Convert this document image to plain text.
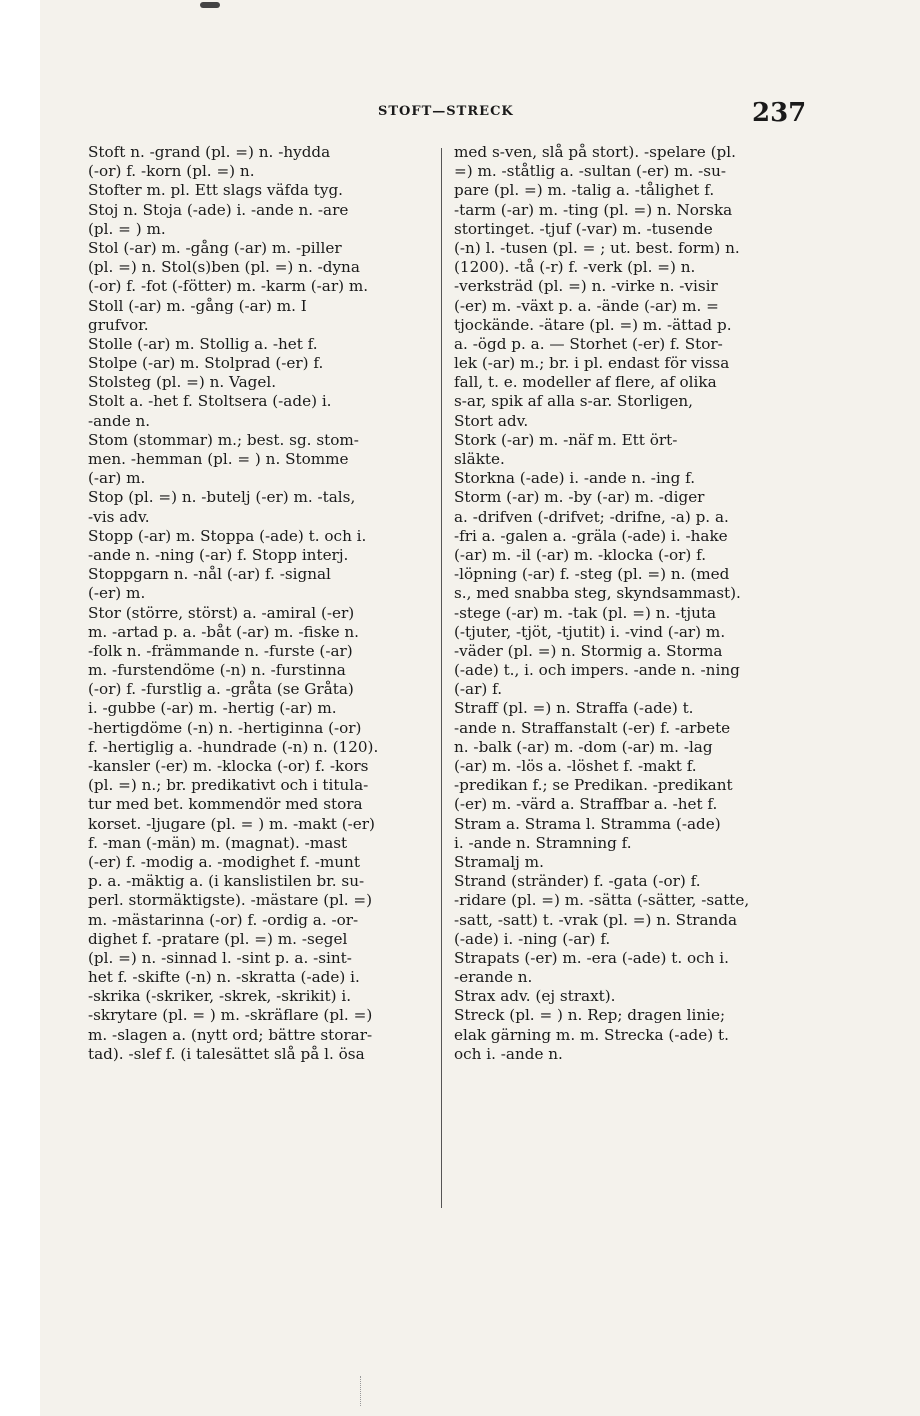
STOFT—STRECK	237
Stoft n. -grand (pl. =) n. -hydda
(-or) f. -korn (pl. =) n.
Stofter m. pl. Ett slags väfda tyg.
Stoj n. Stoja (-ade) i. -ande n. -are
(pl. = ) m.
Stol (-ar) m. -gång (-ar) m. -piller
(pl. =) n. Stol(s)ben (pl. =) n. -dyna
(-or) f. -fot (-fötter) m. -karm (-ar) m.
Stoll (-ar) m. -gång (-ar) m. I
grufvor.
Stolle (-ar) m. Stollig a. -het f.
Stolpe (-ar) m. Stolprad (-er) f.
Stolsteg (pl. =) n. Vagel.
Stolt a. -het f. Stoltsera (-ade) i.
-ande n.
Stom (stommar) m.; best. sg. stom-
men. -hemman (pl. = ) n. Stomme
(-ar) m.
Stop (pl. =) n. -butelj (-er) m. -tals,
-vis adv.
Stopp (-ar) m. Stoppa (-ade) t. och i.
-ande n. -ning (-ar) f. Stopp interj.
Stoppgarn n. -nål (-ar) f. -signal
(-er) m.
Stor (större, störst) a. -amiral (-er)
m. -artad p. a. -båt (-ar) m. -fiske n.
-folk n. -främmande n. -furste (-ar)
m. -furstendöme (-n) n. -furstinna
(-or) f. -furstlig a. -gråta (se Gråta)
i. -gubbe (-ar) m. -hertig (-ar) m.
-hertigdöme (-n) n. -hertiginna (-or)
f. -hertiglig a. -hundrade (-n) n. (120).
-kansler (-er) m. -klocka (-or) f. -kors
(pl. =) n.; br. predikativt och i titula-
tur med bet. kommendör med stora
korset. -ljugare (pl. = ) m. -makt (-er)
f. -man (-män) m. (magnat). -mast
(-er) f. -modig a. -modighet f. -munt
p. a. -mäktig a. (i kanslistilen br. su-
perl. stormäktigste). -mästare (pl. =)
m. -mästarinna (-or) f. -ordig a. -or-
dighet f. -pratare (pl. =) m. -segel
(pl. =) n. -sinnad l. -sint p. a. -sint-
het f. -skifte (-n) n. -skratta (-ade) i.
-skrika (-skriker, -skrek, -skrikit) i.
-skrytare (pl. = ) m. -skräflare (pl. =)
m. -slagen a. (nytt ord; bättre storar-
tad). -slef f. (i talesättet slå på l. ösa
med s-ven, slå på stort). -spelare (pl.
=) m. -ståtlig a. -sultan (-er) m. -su-
pare (pl. =) m. -talig a. -tålighet f.
-tarm (-ar) m. -ting (pl. =) n. Norska
stortinget. -tjuf (-var) m. -tusende
(-n) l. -tusen (pl. = ; ut. best. form) n.
(1200). -tå (-r) f. -verk (pl. =) n.
-verksträd (pl. =) n. -virke n. -visir
(-er) m. -växt p. a. -ände (-ar) m. =
tjockände. -ätare (pl. =) m. -ättad p.
a. -ögd p. a. — Storhet (-er) f. Stor-
lek (-ar) m.; br. i pl. endast för vissa
fall, t. e. modeller af flere, af olika
s-ar, spik af alla s-ar. Storligen,
Stort adv.
Stork (-ar) m. -näf m. Ett ört-
släkte.
Storkna (-ade) i. -ande n. -ing f.
Storm (-ar) m. -by (-ar) m. -diger
a. -drifven (-drifvet; -drifne, -a) p. a.
-fri a. -galen a. -gräla (-ade) i. -hake
(-ar) m. -il (-ar) m. -klocka (-or) f.
-löpning (-ar) f. -steg (pl. =) n. (med
s., med snabba steg, skyndsammast).
-stege (-ar) m. -tak (pl. =) n. -tjuta
(-tjuter, -tjöt, -tjutit) i. -vind (-ar) m.
-väder (pl. =) n. Stormig a. Storma
(-ade) t., i. och impers. -ande n. -ning
(-ar) f.
Straff (pl. =) n. Straffa (-ade) t.
-ande n. Straffanstalt (-er) f. -arbete
n. -balk (-ar) m. -dom (-ar) m. -lag
(-ar) m. -lös a. -löshet f. -makt f.
-predikan f.; se Predikan. -predikant
(-er) m. -värd a. Straffbar a. -het f.
Stram a. Strama l. Stramma (-ade)
i. -ande n. Stramning f.
Stramalj m.
Strand (stränder) f. -gata (-or) f.
-ridare (pl. =) m. -sätta (-sätter, -satte,
-satt, -satt) t. -vrak (pl. =) n. Stranda
(-ade) i. -ning (-ar) f.
Strapats (-er) m. -era (-ade) t. och i.
-erande n.
Strax adv. (ej straxt).
Streck (pl. = ) n. Rep; dragen linie;
elak gärning m. m. Strecka (-ade) t.
och i. -ande n.
